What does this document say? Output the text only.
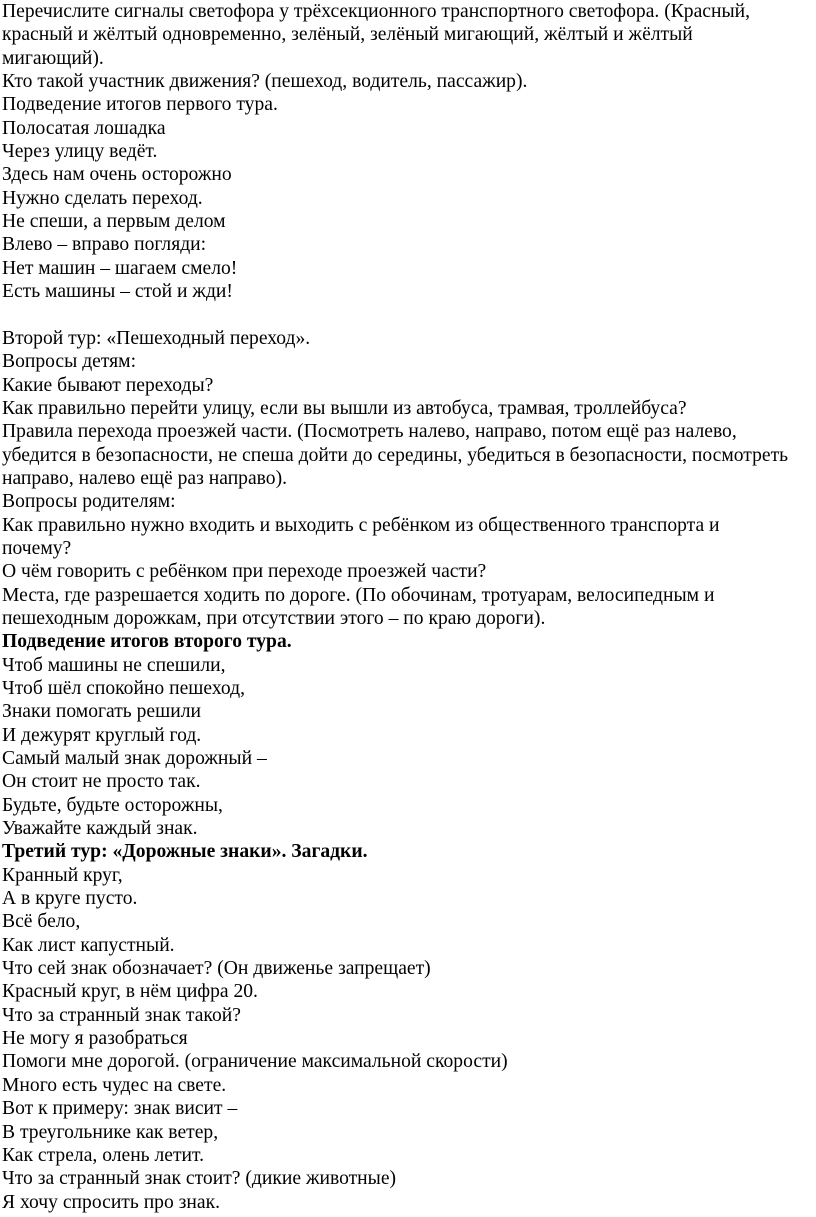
Перечислите сигналы светофора у трёхсекционного транспортного светофора. (Красный,
красный и жёлтый одновременно, зелёный, зелёный мигающий, жёлтый и жёлтый
мигающий).
Кто такой участник движения? (пешеход, водитель, пассажир).
Подведение итогов первого тура.
Полосатая лошадка
Через улицу ведёт.
Здесь нам очень осторожно
Нужно сделать переход.
Не спеши, а первым делом
Влево – вправо погляди:
Нет машин – шагаем смело!
Есть машины – стой и жди!
Второй тур: «Пешеходный переход».
Вопросы детям:
Какие бывают переходы?
Как правильно перейти улицу, если вы вышли из автобуса, трамвая, троллейбуса?
Правила перехода проезжей части. (Посмотреть налево, направо, потом ещё раз налево,
убедится в безопасности, не спеша дойти до середины, убедиться в безопасности, посмотреть
направо, налево ещё раз направо).
Вопросы родителям:
Как правильно нужно входить и выходить с ребёнком из общественного транспорта и
почему?
О чём говорить с ребёнком при переходе проезжей части?
Места, где разрешается ходить по дороге. (По обочинам, тротуарам, велосипедным и
пешеходным дорожкам, при отсутствии этого – по краю дороги).
Подведение итогов второго тура.
Чтоб машины не спешили,
Чтоб шёл спокойно пешеход,
Знаки помогать решили
И дежурят круглый год.
Самый малый знак дорожный –
Он стоит не просто так.
Будьте, будьте осторожны,
Уважайте каждый знак.
Третий тур: «Дорожные знаки». Загадки.
Кранный круг,
А в круге пусто.
Всё бело,
Как лист капустный.
Что сей знак обозначает? (Он движенье запрещает)
Красный круг, в нём цифра 20.
Что за странный знак такой?
Не могу я разобраться
Помоги мне дорогой. (ограничение максимальной скорости)
Много есть чудес на свете.
Вот к примеру: знак висит –
В треугольнике как ветер,
Как стрела, олень летит.
Что за странный знак стоит? (дикие животные)
Я хочу спросить про знак.
